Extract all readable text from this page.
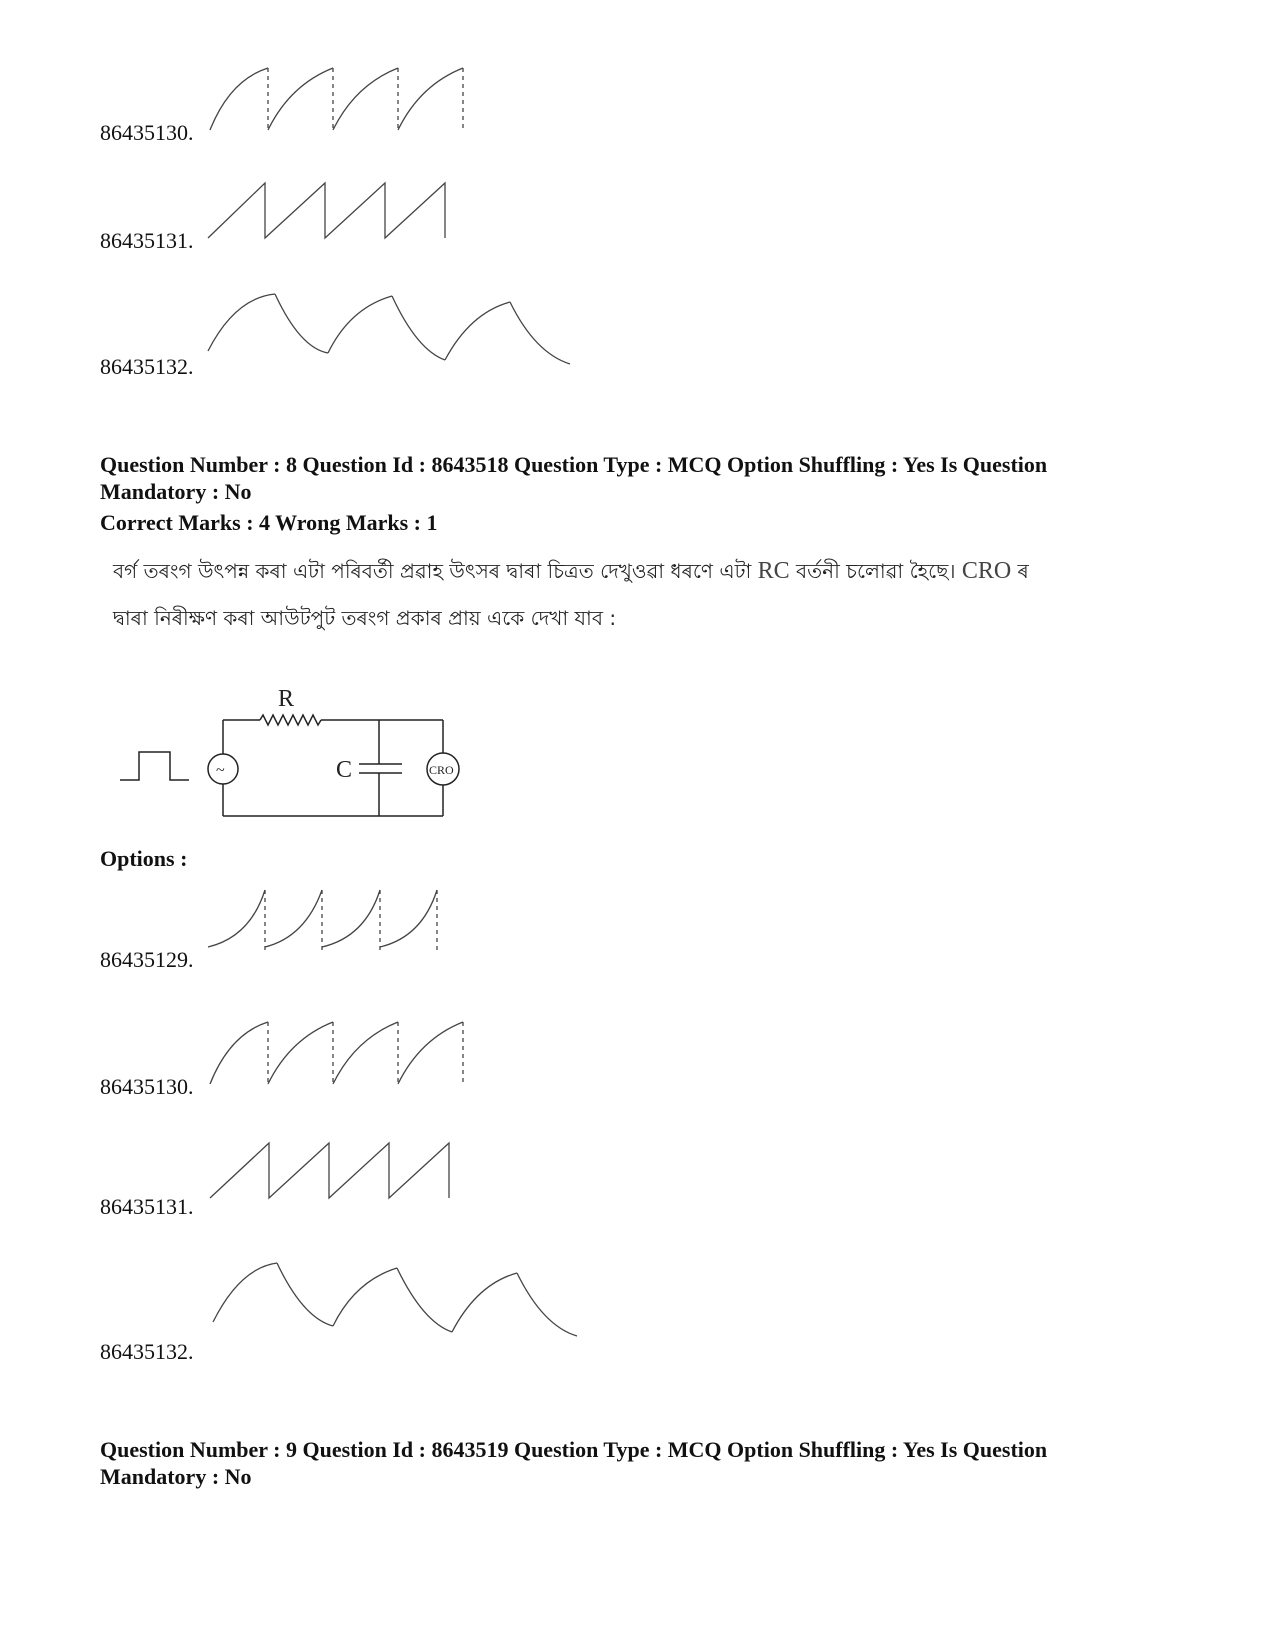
86435130.
86435131.
86435132.
Question Number : 8 Question Id : 8643518 Question Type : MCQ Option Shuffling : Yes Is Question
Mandatory : No
Correct Marks : 4 Wrong Marks : 1
বৰ্গ তৰংগ উৎপন্ন কৰা এটা পৰিবৰ্তী প্ৰৱাহ উৎসৰ দ্বাৰা চিত্ৰত দেখুওৱা ধৰণে এটা RC বৰ্তনী চলোৱা হৈছে। CRO ৰ
দ্বাৰা নিৰীক্ষণ কৰা আউটপুট তৰংগ প্ৰকাৰ প্ৰায় একে দেখা যাব :
~
R
C	CRO
Options :
86435129.
86435130.
86435131.
86435132.
Question Number : 9 Question Id : 8643519 Question Type : MCQ Option Shuffling : Yes Is Question
Mandatory : No
